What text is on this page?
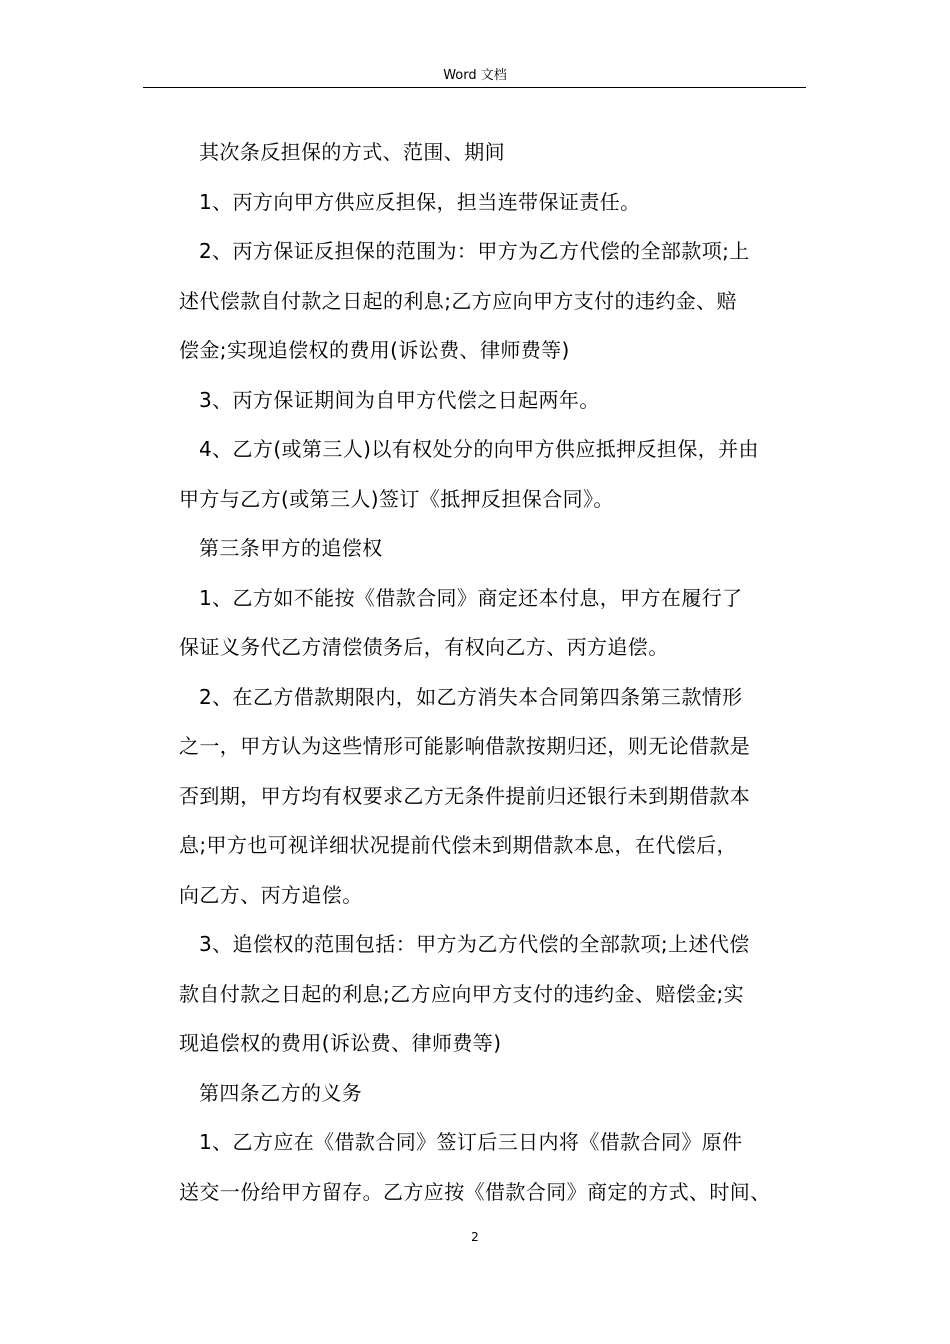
Word 文档
其次条反担保的方式、范围、期间
1、丙方向甲方供应反担保，担当连带保证责任。
2、丙方保证反担保的范围为：甲方为乙方代偿的全部款项;上
述代偿款自付款之日起的利息;乙方应向甲方支付的违约金、赔
偿金;实现追偿权的费用(诉讼费、律师费等)
3、丙方保证期间为自甲方代偿之日起两年。
4、乙方(或第三人)以有权处分的向甲方供应抵押反担保，并由
甲方与乙方(或第三人)签订《抵押反担保合同》。
第三条甲方的追偿权
1、乙方如不能按《借款合同》商定还本付息，甲方在履行了
保证义务代乙方清偿债务后，有权向乙方、丙方追偿。
2、在乙方借款期限内，如乙方消失本合同第四条第三款情形
之一，甲方认为这些情形可能影响借款按期归还，则无论借款是
否到期，甲方均有权要求乙方无条件提前归还银行未到期借款本
息;甲方也可视详细状况提前代偿未到期借款本息，在代偿后，
向乙方、丙方追偿。
3、追偿权的范围包括：甲方为乙方代偿的全部款项;上述代偿
款自付款之日起的利息;乙方应向甲方支付的违约金、赔偿金;实
现追偿权的费用(诉讼费、律师费等)
第四条乙方的义务
1、乙方应在《借款合同》签订后三日内将《借款合同》原件
送交一份给甲方留存。乙方应按《借款合同》商定的方式、时间、
2
